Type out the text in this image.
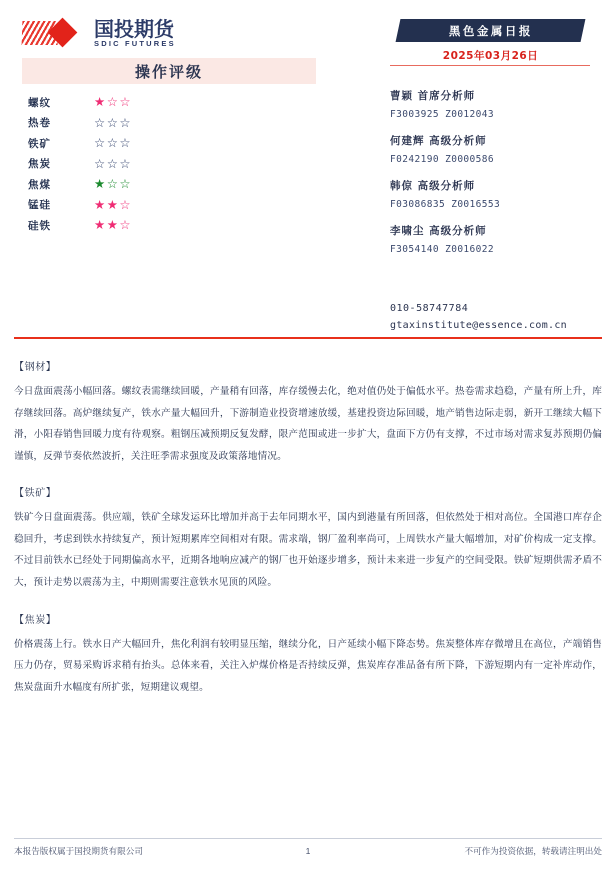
国投期货
SDIC FUTURES
操作评级
螺纹	★☆☆
热卷	☆☆☆
铁矿	☆☆☆
焦炭	☆☆☆
焦煤	★☆☆
锰硅	★★☆
硅铁	★★☆
黑色金属日报
2025年03月26日
曹颖 首席分析师
F3003925 Z0012043
何建辉 高级分析师
F0242190 Z0000586
韩倞 高级分析师
F03086835 Z0016553
李啸尘 高级分析师
F3054140 Z0016022
010-58747784
gtaxinstitute@essence.com.cn
【钢材】
今日盘面震荡小幅回落。螺纹表需继续回暖，产量稍有回落，库存缓慢去化，绝对值仍处于偏低水平。热卷需求趋稳，产量有所上升，库存继续回落。高炉继续复产，铁水产量大幅回升，下游制造业投资增速放缓，基建投资边际回暖，地产销售边际走弱，新开工继续大幅下滑，小阳春销售回暖力度有待观察。粗钢压减预期反复发酵，限产范围或进一步扩大，盘面下方仍有支撑，不过市场对需求复苏预期仍偏谨慎，反弹节奏依然波折，关注旺季需求强度及政策落地情况。
【铁矿】
铁矿今日盘面震荡。供应端，铁矿全球发运环比增加并高于去年同期水平，国内到港量有所回落，但依然处于相对高位。全国港口库存企稳回升，考虑到铁水持续复产，预计短期累库空间相对有限。需求端，钢厂盈利率尚可，上周铁水产量大幅增加，对矿价构成一定支撑。不过目前铁水已经处于同期偏高水平，近期各地响应减产的钢厂也开始逐步增多，预计未来进一步复产的空间受限。铁矿短期供需矛盾不大，预计走势以震荡为主，中期则需要注意铁水见顶的风险。
【焦炭】
价格震荡上行。铁水日产大幅回升，焦化利润有较明显压缩，继续分化，日产延续小幅下降态势。焦炭整体库存微增且在高位，产端销售压力仍存，贸易采购诉求稍有抬头。总体来看，关注入炉煤价格是否持续反弹，焦炭库存准品备有所下降，下游短期内有一定补库动作，焦炭盘面升水幅度有所扩张，短期建议观望。
本报告版权属于国投期货有限公司	1	不可作为投资依据，转载请注明出处
